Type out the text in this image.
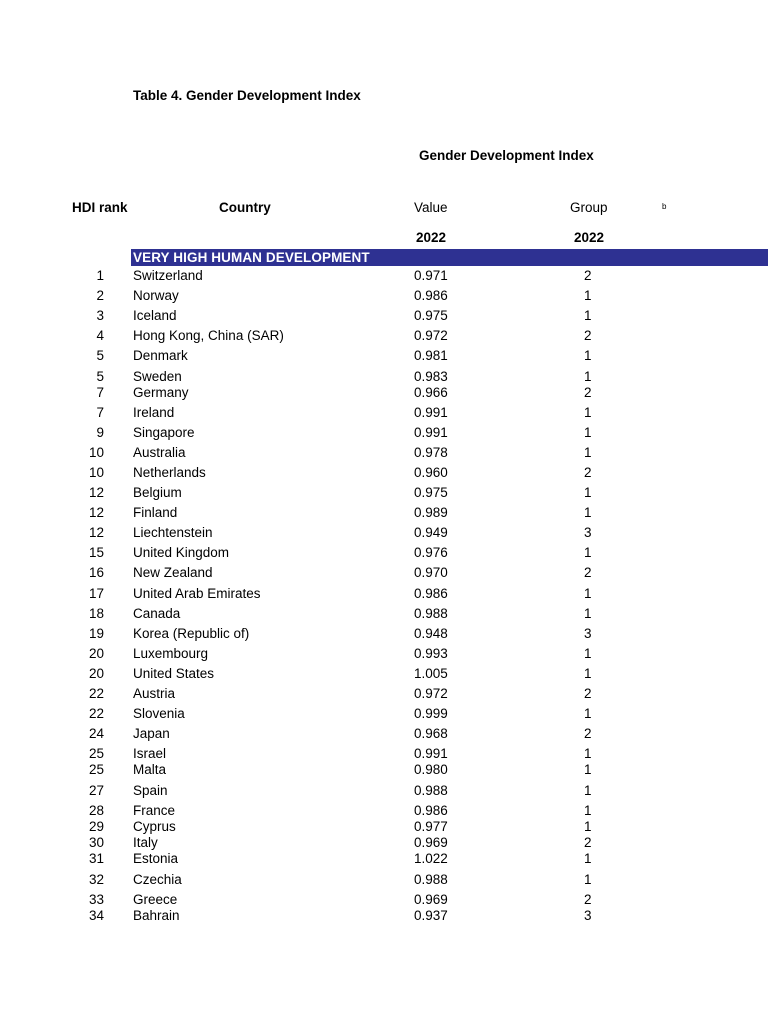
Table 4. Gender Development Index
Gender Development Index
HDI rank	Country	Value	Group	b
2022	2022
VERY HIGH HUMAN DEVELOPMENT
1 Switzerland	0.971	2
2 Norway	0.986	1
3 Iceland	0.975	1
4 Hong Kong, China (SAR)	0.972	2
5 Denmark	0.981	1
5 Sweden	0.983	1
7 Germany	0.966	2
7 Ireland	0.991	1
9 Singapore	0.991	1
10 Australia	0.978	1
10 Netherlands	0.960	2
12 Belgium	0.975	1
12 Finland	0.989	1
12 Liechtenstein	0.949	3
15 United Kingdom	0.976	1
16 New Zealand	0.970	2
17 United Arab Emirates	0.986	1
18 Canada	0.988	1
19 Korea (Republic of)	0.948	3
20 Luxembourg	0.993	1
20 United States	1.005	1
22 Austria	0.972	2
22 Slovenia	0.999	1
24 Japan	0.968	2
25 Israel	0.991	1
25 Malta	0.980	1
27 Spain	0.988	1
28 France	0.986	1
29 Cyprus	0.977	1
30 Italy	0.969	2
31 Estonia	1.022	1
32 Czechia	0.988	1
33 Greece	0.969	2
34 Bahrain	0.937	3
